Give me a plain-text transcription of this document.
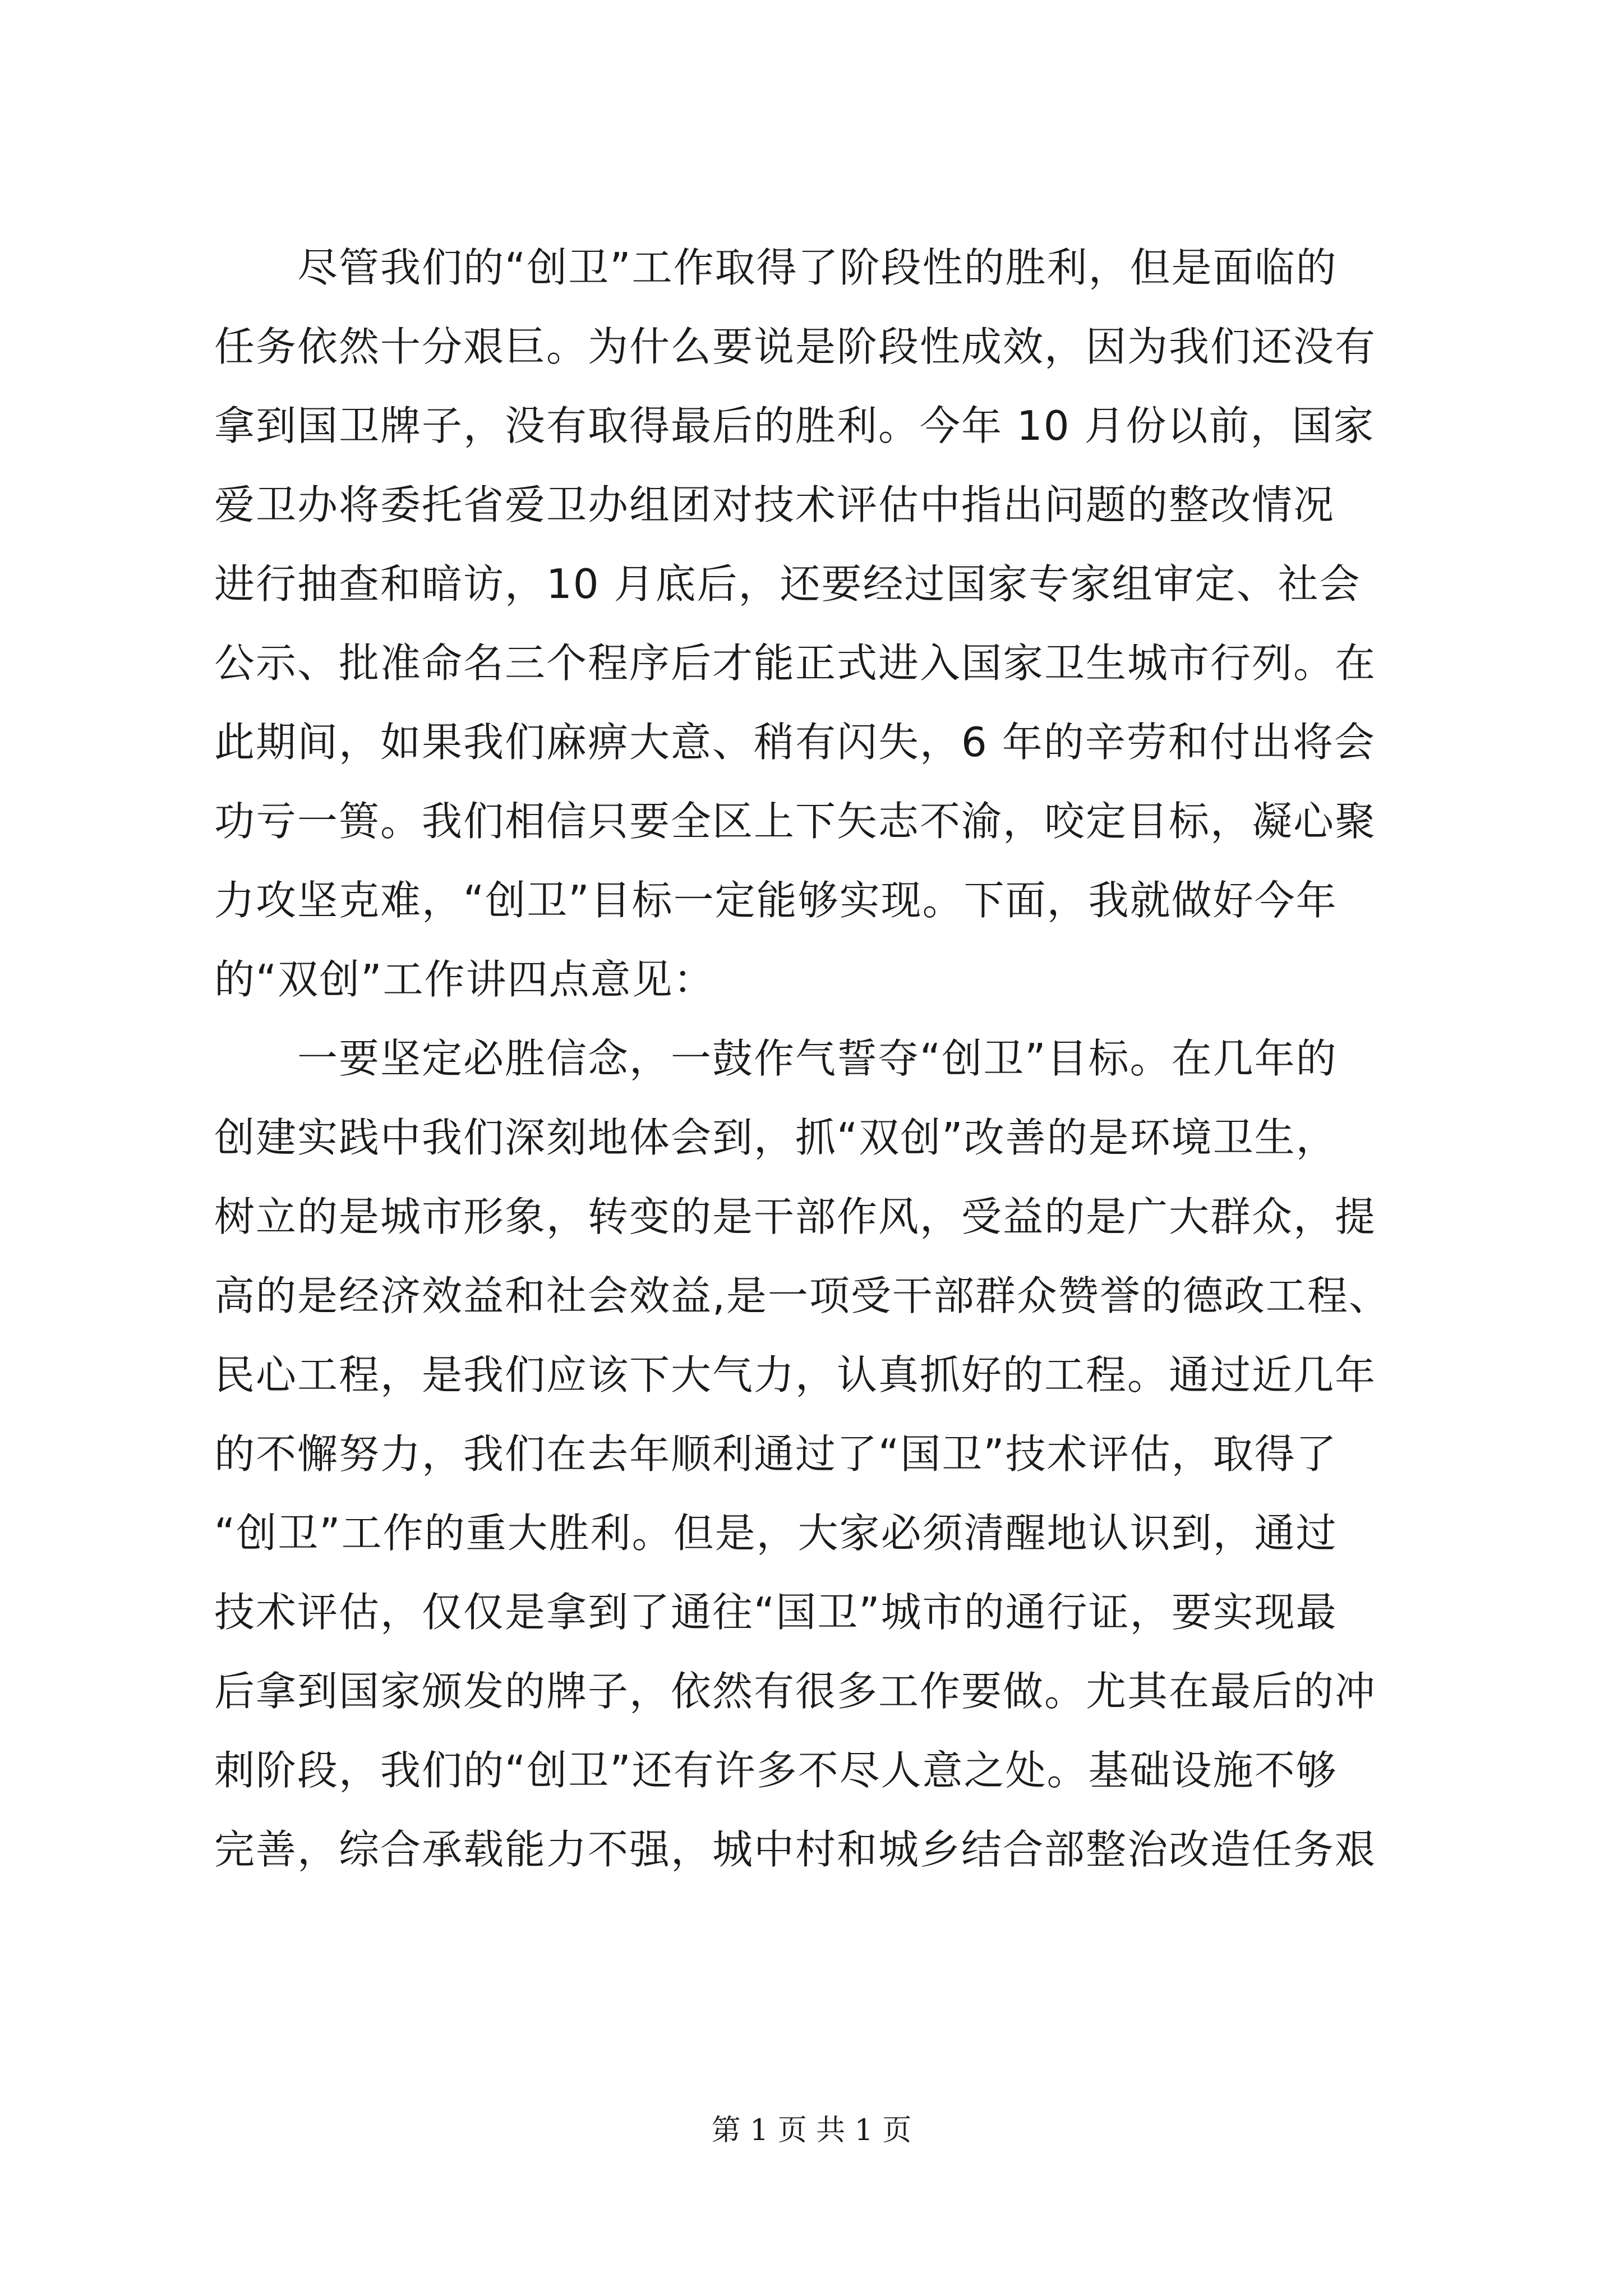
　　尽管我们的“创卫”工作取得了阶段性的胜利，但是面临的
任务依然十分艰巨。为什么要说是阶段性成效，因为我们还没有
拿到国卫牌子，没有取得最后的胜利。今年 10 月份以前，国家
爱卫办将委托省爱卫办组团对技术评估中指出问题的整改情况
进行抽查和暗访，10 月底后，还要经过国家专家组审定、社会
公示、批准命名三个程序后才能正式进入国家卫生城市行列。在
此期间，如果我们麻痹大意、稍有闪失，6 年的辛劳和付出将会
功亏一篑。我们相信只要全区上下矢志不渝，咬定目标，凝心聚
力攻坚克难，“创卫”目标一定能够实现。下面，我就做好今年
的“双创”工作讲四点意见：
　　一要坚定必胜信念，一鼓作气誓夺“创卫”目标。在几年的
创建实践中我们深刻地体会到，抓“双创”改善的是环境卫生，
树立的是城市形象，转变的是干部作风，受益的是广大群众，提
高的是经济效益和社会效益,是一项受干部群众赞誉的德政工程、
民心工程，是我们应该下大气力，认真抓好的工程。通过近几年
的不懈努力，我们在去年顺利通过了“国卫”技术评估，取得了
“创卫”工作的重大胜利。但是，大家必须清醒地认识到，通过
技术评估，仅仅是拿到了通往“国卫”城市的通行证，要实现最
后拿到国家颁发的牌子，依然有很多工作要做。尤其在最后的冲
刺阶段，我们的“创卫”还有许多不尽人意之处。基础设施不够
完善，综合承载能力不强，城中村和城乡结合部整治改造任务艰
第 1 页 共 1 页
